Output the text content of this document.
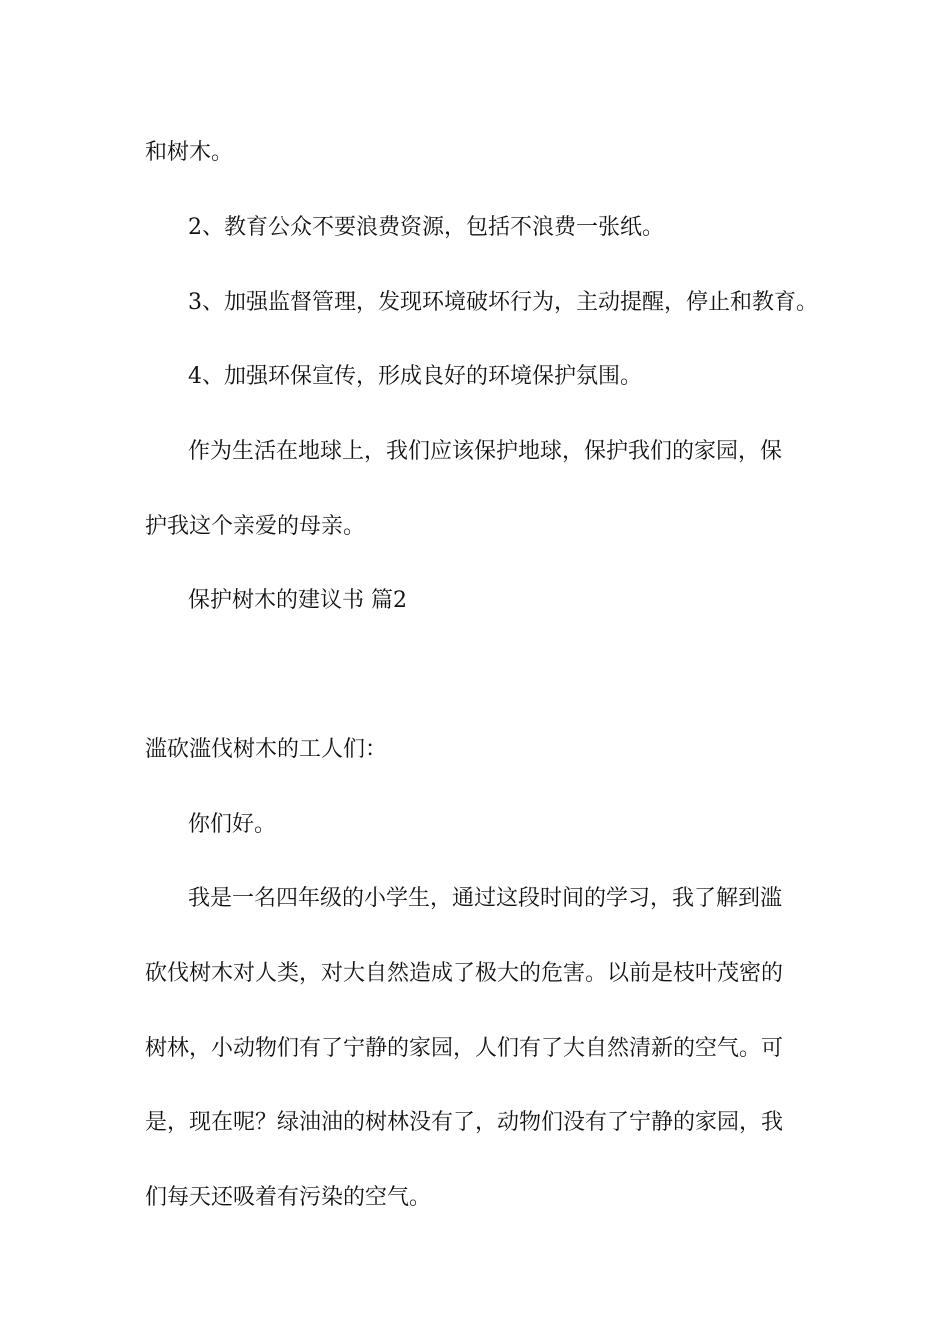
和树木。
2、教育公众不要浪费资源，包括不浪费一张纸。
3、加强监督管理，发现环境破坏行为，主动提醒，停止和教育。
4、加强环保宣传，形成良好的环境保护氛围。
作为生活在地球上，我们应该保护地球，保护我们的家园，保
护我这个亲爱的母亲。
保护树木的建议书 篇2
滥砍滥伐树木的工人们：
你们好。
我是一名四年级的小学生，通过这段时间的学习，我了解到滥
砍伐树木对人类，对大自然造成了极大的危害。以前是枝叶茂密的
树林，小动物们有了宁静的家园，人们有了大自然清新的空气。可
是，现在呢？绿油油的树林没有了，动物们没有了宁静的家园，我
们每天还吸着有污染的空气。
